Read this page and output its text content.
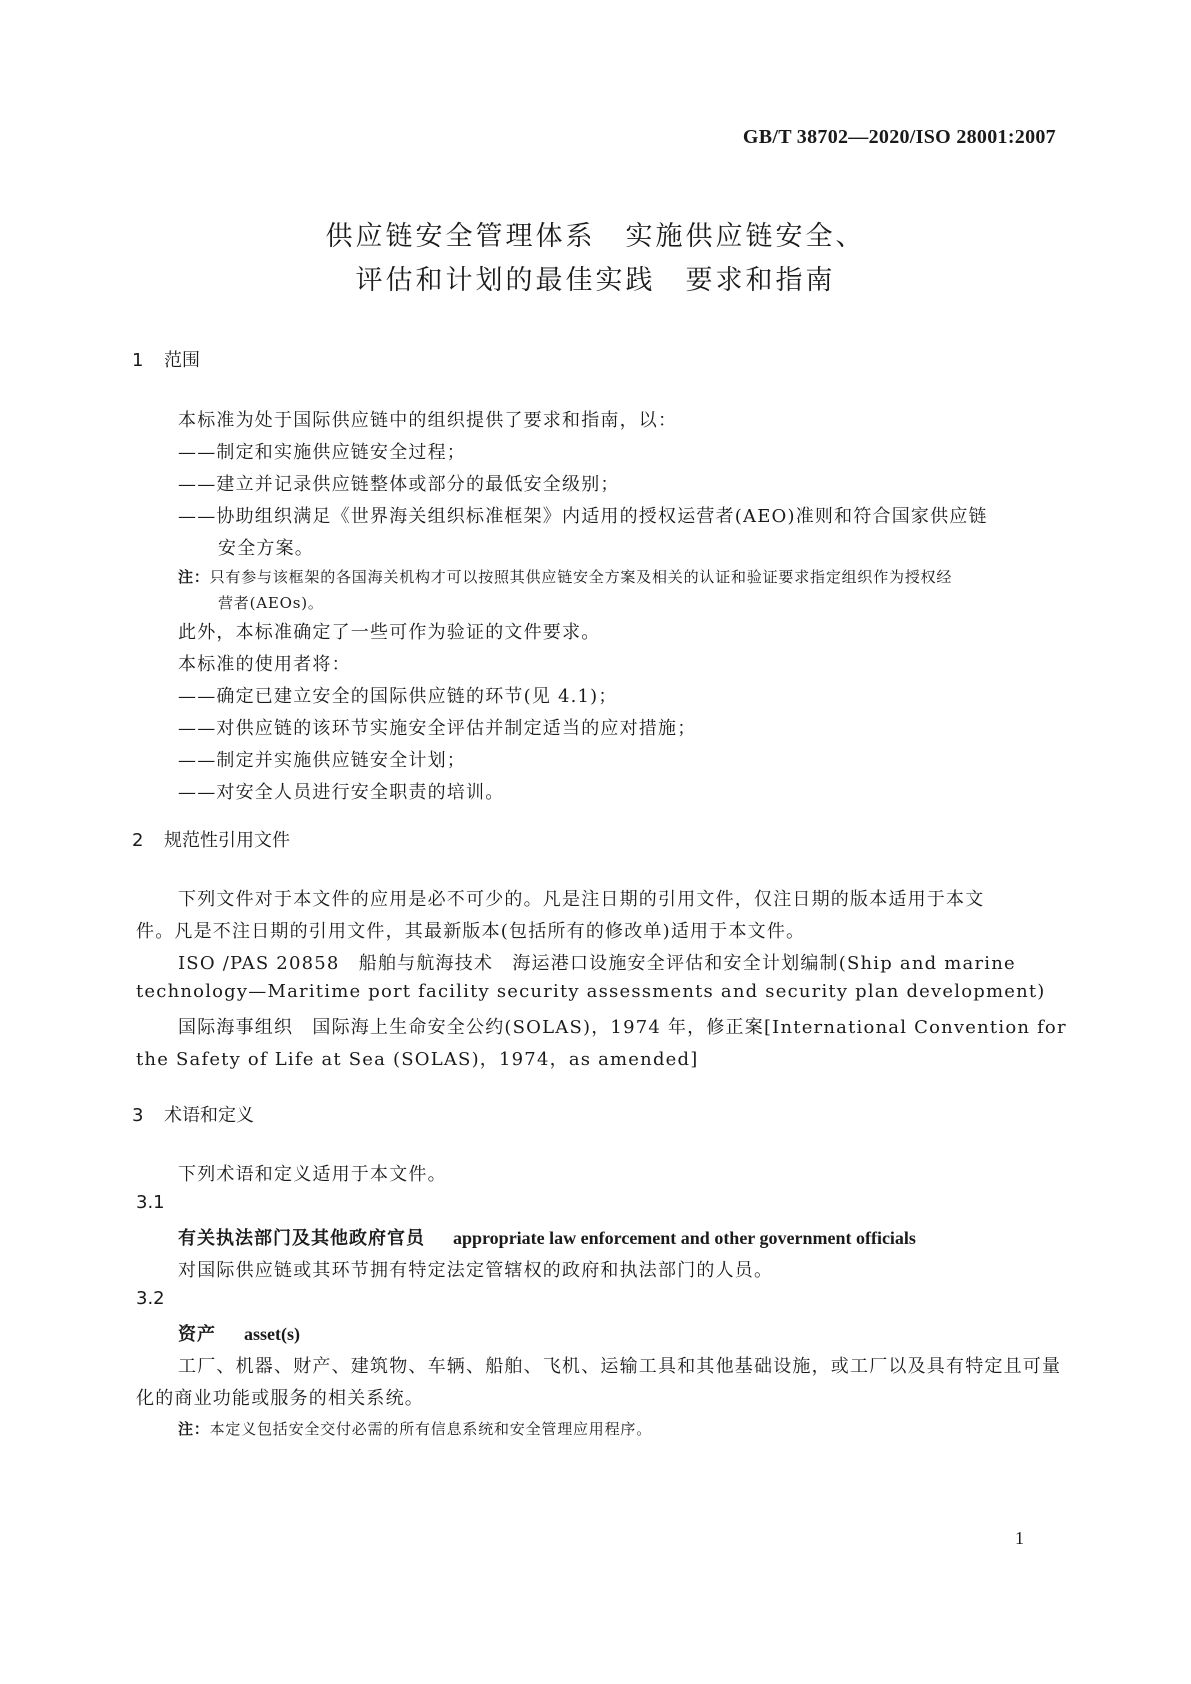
GB/T 38702—2020/ISO 28001:2007
供应链安全管理体系　实施供应链安全、
评估和计划的最佳实践　要求和指南
1 范围
本标准为处于国际供应链中的组织提供了要求和指南，以：
——制定和实施供应链安全过程；
——建立并记录供应链整体或部分的最低安全级别；
——协助组织满足《世界海关组织标准框架》内适用的授权运营者(AEO)准则和符合国家供应链
安全方案。
注：只有参与该框架的各国海关机构才可以按照其供应链安全方案及相关的认证和验证要求指定组织作为授权经
营者(AEOs)。
此外，本标准确定了一些可作为验证的文件要求。
本标准的使用者将：
——确定已建立安全的国际供应链的环节(见 4.1)；
——对供应链的该环节实施安全评估并制定适当的应对措施；
——制定并实施供应链安全计划；
——对安全人员进行安全职责的培训。
2 规范性引用文件
下列文件对于本文件的应用是必不可少的。凡是注日期的引用文件，仅注日期的版本适用于本文
件。凡是不注日期的引用文件，其最新版本(包括所有的修改单)适用于本文件。
ISO /PAS 20858　船舶与航海技术　海运港口设施安全评估和安全计划编制(Ship and marine
technology—Maritime port facility security assessments and security plan development)
国际海事组织　国际海上生命安全公约(SOLAS)，1974 年，修正案[International Convention for
the Safety of Life at Sea (SOLAS)，1974，as amended]
3 术语和定义
下列术语和定义适用于本文件。
3.1
有关执法部门及其他政府官员 appropriate law enforcement and other government officials
对国际供应链或其环节拥有特定法定管辖权的政府和执法部门的人员。
3.2
资产 asset(s)
工厂、机器、财产、建筑物、车辆、船舶、飞机、运输工具和其他基础设施，或工厂以及具有特定且可量
化的商业功能或服务的相关系统。
注：本定义包括安全交付必需的所有信息系统和安全管理应用程序。
1
